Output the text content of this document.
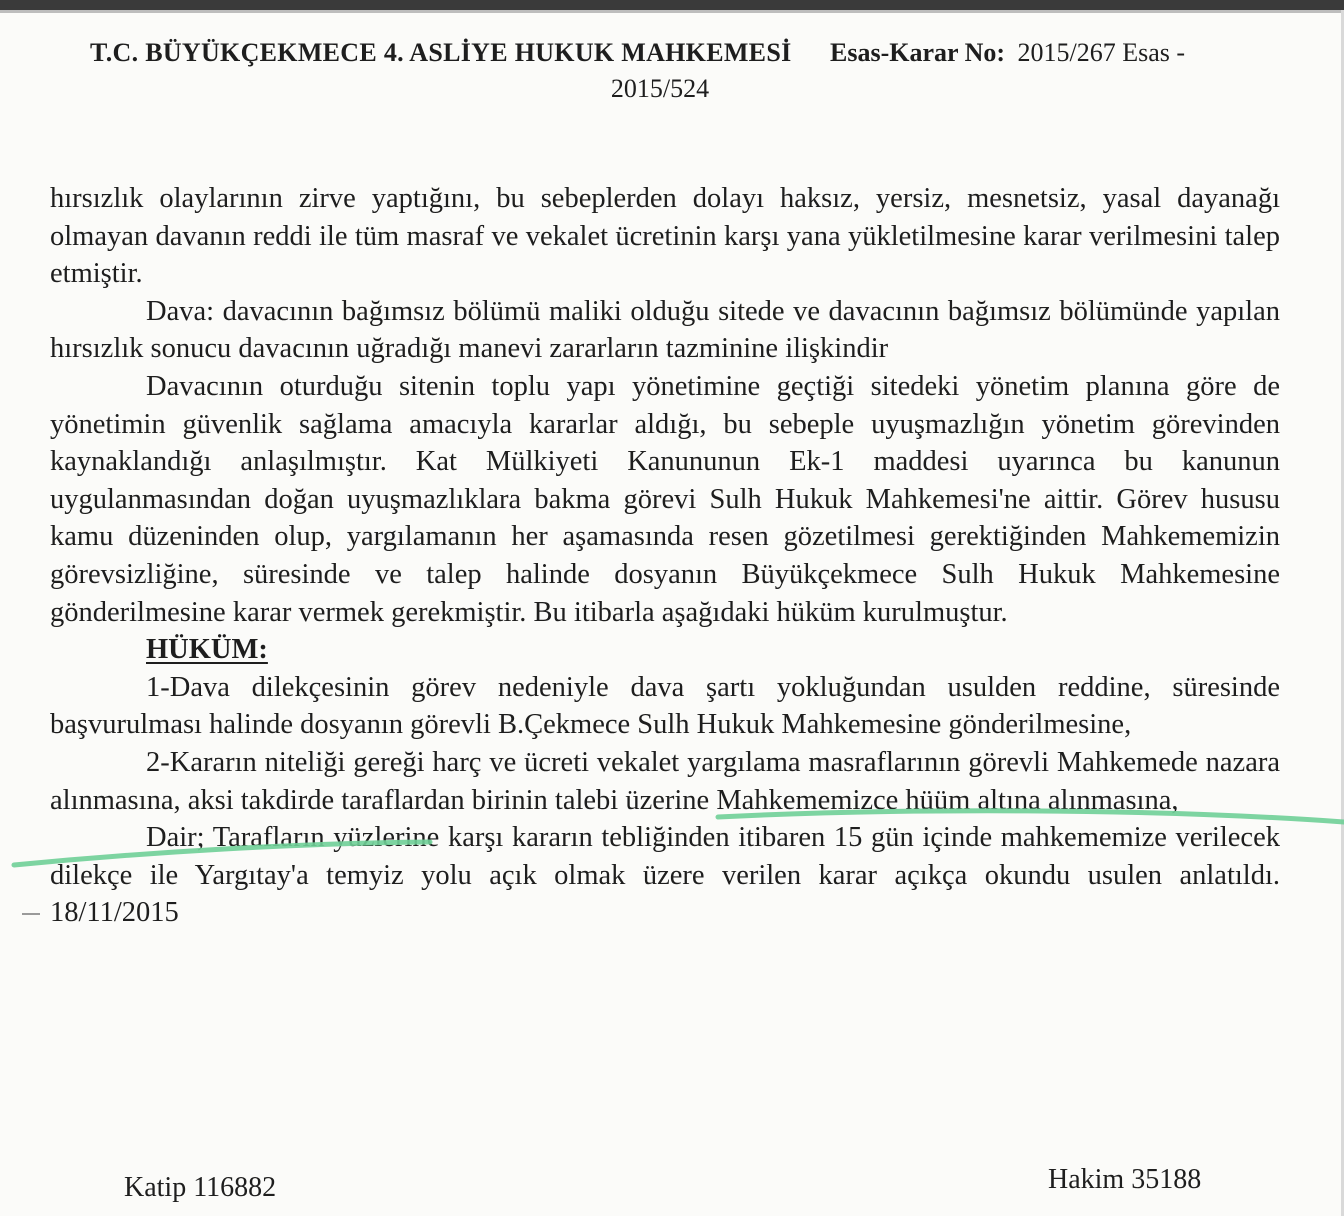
T.C. BÜYÜKÇEKMECE 4. ASLİYE HUKUK MAHKEMESİ Esas-Karar No: 2015/267 Esas -
2015/524

hırsızlık olaylarının zirve yaptığını, bu sebeplerden dolayı haksız, yersiz, mesnetsiz, yasal dayanağı olmayan davanın reddi ile tüm masraf ve vekalet ücretinin karşı yana yükletilmesine karar verilmesini talep etmiştir.

Dava: davacının bağımsız bölümü maliki olduğu sitede ve davacının bağımsız bölümünde yapılan hırsızlık sonucu davacının uğradığı manevi zararların tazminine ilişkindir

Davacının oturduğu sitenin toplu yapı yönetimine geçtiği sitedeki yönetim planına göre de yönetimin güvenlik sağlama amacıyla kararlar aldığı, bu sebeple uyuşmazlığın yönetim görevinden kaynaklandığı anlaşılmıştır. Kat Mülkiyeti Kanununun Ek-1 maddesi uyarınca bu kanunun uygulanmasından doğan uyuşmazlıklara bakma görevi Sulh Hukuk Mahkemesi'ne aittir. Görev hususu kamu düzeninden olup, yargılamanın her aşamasında resen gözetilmesi gerektiğinden Mahkememizin görevsizliğine, süresinde ve talep halinde dosyanın Büyükçekmece Sulh Hukuk Mahkemesine gönderilmesine karar vermek gerekmiştir. Bu itibarla aşağıdaki hüküm kurulmuştur.

HÜKÜM:

1-Dava dilekçesinin görev nedeniyle dava şartı yokluğundan usulden reddine, süresinde başvurulması halinde dosyanın görevli B.Çekmece Sulh Hukuk Mahkemesine gönderilmesine,

2-Kararın niteliği gereği harç ve ücreti vekalet yargılama masraflarının görevli Mahkemede nazara alınmasına, aksi takdirde taraflardan birinin talebi üzerine Mahkememizce hüüm altına alınmasına,

Dair; Tarafların yüzlerine karşı kararın tebliğinden itibaren 15 gün içinde mahkememize verilecek dilekçe ile Yargıtay'a temyiz yolu açık olmak üzere verilen karar açıkça okundu usulen anlatıldı. 18/11/2015

Katip 116882	Hakim 35188
